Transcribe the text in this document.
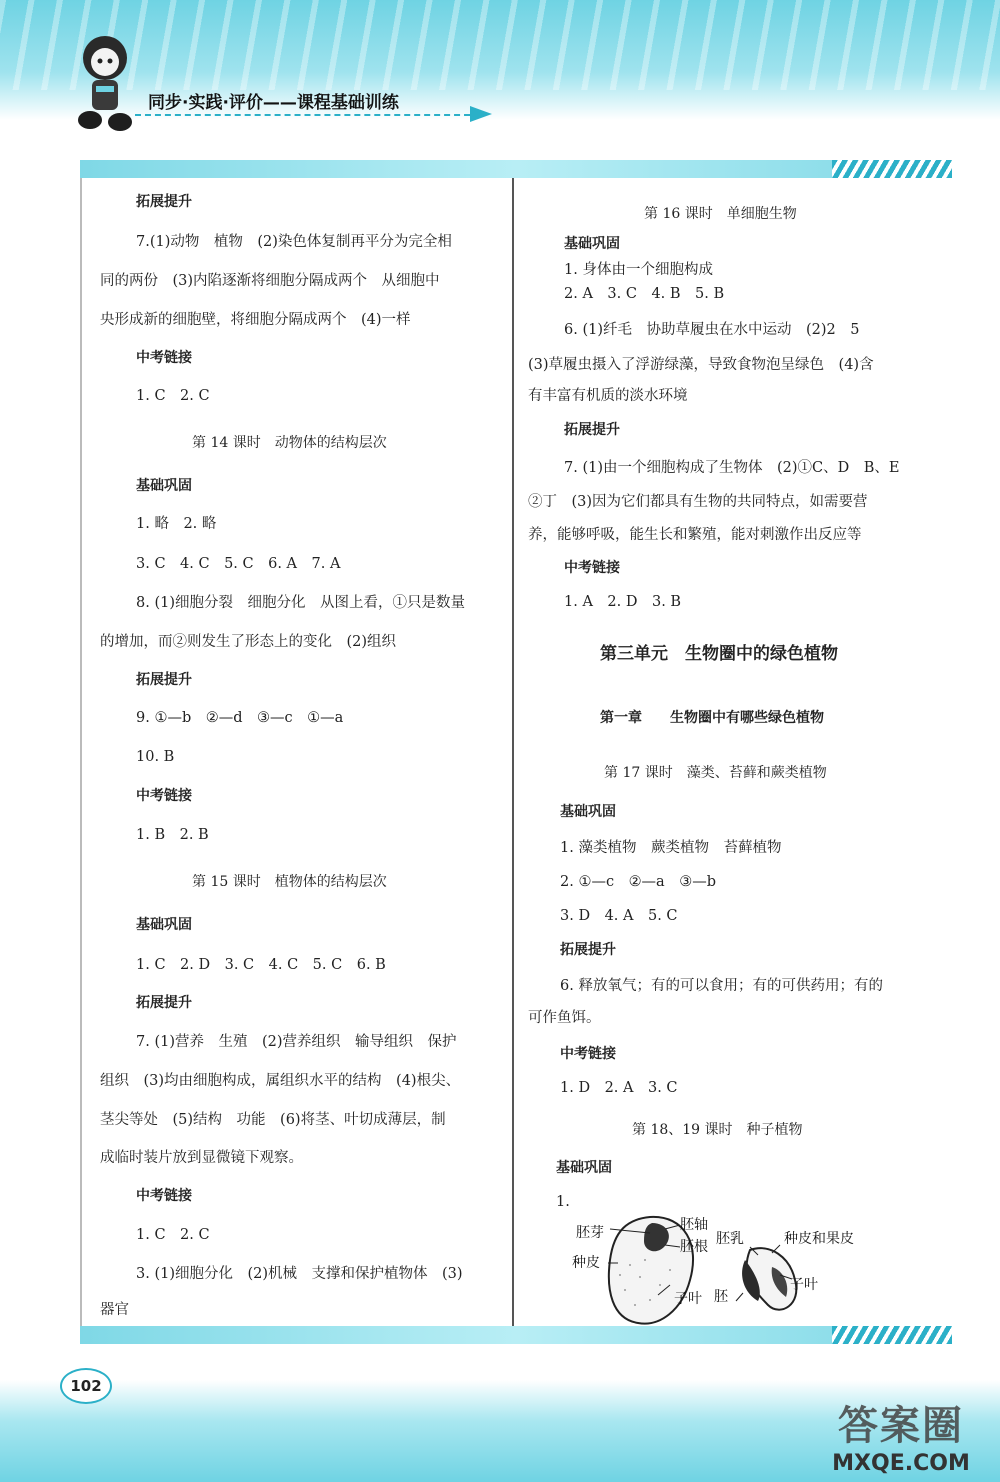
同步·实践·评价——课程基础训练
拓展提升
7.(1)动物　植物　(2)染色体复制再平分为完全相
同的两份　(3)内陷逐渐将细胞分隔成两个　从细胞中
央形成新的细胞壁，将细胞分隔成两个　(4)一样
中考链接
1. C　2. C
第 14 课时　动物体的结构层次
基础巩固
1. 略　2. 略
3. C　4. C　5. C　6. A　7. A
8. (1)细胞分裂　细胞分化　从图上看，①只是数量
的增加，而②则发生了形态上的变化　(2)组织
拓展提升
9. ①—b　②—d　③—c　①—a
10. B
中考链接
1. B　2. B
第 15 课时　植物体的结构层次
基础巩固
1. C　2. D　3. C　4. C　5. C　6. B
拓展提升
7. (1)营养　生殖　(2)营养组织　输导组织　保护
组织　(3)均由细胞构成，属组织水平的结构　(4)根尖、
茎尖等处　(5)结构　功能　(6)将茎、叶切成薄层，制
成临时装片放到显微镜下观察。
中考链接
1. C　2. C
3. (1)细胞分化　(2)机械　支撑和保护植物体　(3)
器官
第 16 课时　单细胞生物
基础巩固
1. 身体由一个细胞构成
2. A　3. C　4. B　5. B
6. (1)纤毛　协助草履虫在水中运动　(2)2　5
(3)草履虫摄入了浮游绿藻，导致食物泡呈绿色　(4)含
有丰富有机质的淡水环境
拓展提升
7. (1)由一个细胞构成了生物体　(2)①C、D　B、E
②丁　(3)因为它们都具有生物的共同特点，如需要营
养，能够呼吸，能生长和繁殖，能对刺激作出反应等
中考链接
1. A　2. D　3. B
第三单元　生物圈中的绿色植物
第一章　　生物圈中有哪些绿色植物
第 17 课时　藻类、苔藓和蕨类植物
基础巩固
1. 藻类植物　蕨类植物　苔藓植物
2. ①—c　②—a　③—b
3. D　4. A　5. C
拓展提升
6. 释放氧气；有的可以食用；有的可供药用；有的
可作鱼饵。
中考链接
1. D　2. A　3. C
第 18、19 课时　种子植物
基础巩固
1.
胚芽
种皮
胚轴
胚根
子叶
胚乳	种皮和果皮
子叶
胚
102
答案圈
MXQE.COM
